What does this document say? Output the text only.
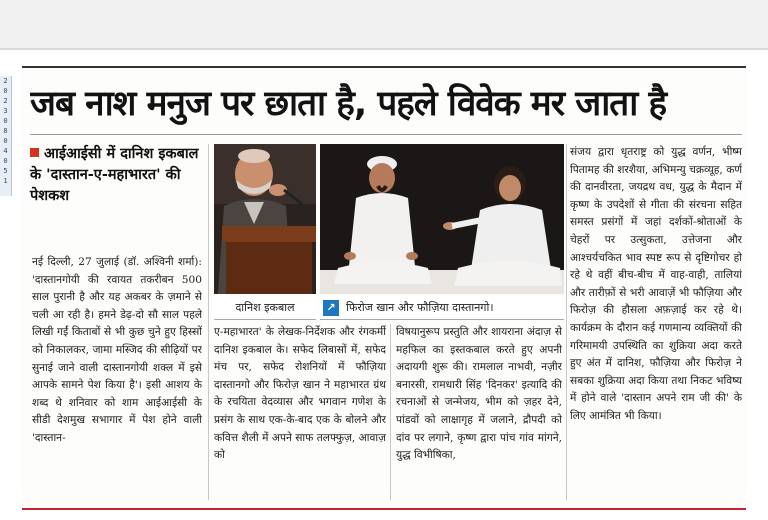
2
0
2
3
0
8
0
4
0
5
1
जब नाश मनुज पर छाता है, पहले विवेक मर जाता है
आईआईसी में दानिश इकबाल के 'दास्तान-ए-महाभारत' की पेशकश

नई दिल्ली, 27 जुलाई (डॉ. अश्विनी शर्मा): 'दास्तानगोयी की रवायत तकरीबन 500 साल पुरानी है और यह अकबर के ज़माने से चली आ रही है। हमने डेढ़-दो सौ साल पहले लिखी गईं किताबों से भी कुछ चुने हुए हिस्सों को निकालकर, जामा मस्जिद की सीढ़ियों पर सुनाई जाने वाली दास्तानगोयी शक्ल में इसे आपके सामने पेश किया है'। इसी आशय के शब्द थे शनिवार को शाम आईआईसी के सीडी देशमुख सभागार में पेश होने वाली 'दास्तान-

दानिश इकबाल	↗ फिरोज खान और फौज़िया दास्तानगो।

ए-महाभारत' के लेखक-निर्देशक और रंगकर्मी दानिश इकबाल के। सफेद लिबासों में, सफेद मंच पर, सफेद रोशनियों में फौज़िया दास्तानगो और फिरोज़ खान ने महाभारत ग्रंथ के रचयिता वेदव्यास और भगवान गणेश के प्रसंग के साथ एक-के-बाद एक के बोलने और कवित्त शैली में अपने साफ तलफ्फुज़, आवाज़ को

विषयानुरूप प्रस्तुति और शायराना अंदाज़ से महफिल का इस्तकबाल करते हुए अपनी अदायगी शुरू की। रामलाल नाभवी, नज़ीर बनारसी, रामधारी सिंह 'दिनकर' इत्यादि की रचनाओं से जन्मेजय, भीम को ज़हर देने, पांडवों को लाक्षागृह में जलाने, द्रौपदी को दांव पर लगाने, कृष्ण द्वारा पांच गांव मांगने, युद्ध विभीषिका,

संजय द्वारा धृतराष्ट्र को युद्ध वर्णन, भीष्म पितामह की शरशैया, अभिमन्यु चक्रव्यूह, कर्ण की दानवीरता, जयद्रथ वध, युद्ध के मैदान में कृष्ण के उपदेशों से गीता की संरचना सहित समस्त प्रसंगों में जहां दर्शकों-श्रोताओं के चेहरों पर उत्सुकता, उत्तेजना और आश्चर्यचकित भाव स्पष्ट रूप से दृष्टिगोचर हो रहे थे वहीं बीच-बीच में वाह-वाही, तालियां और तारीफ़ों से भरी आवाज़ें भी फौज़िया और फिरोज़ की हौसला अफ़ज़ाई कर रहे थे। कार्यक्रम के दौरान कई गणमान्य व्यक्तियों की गरिमामयी उपस्थिति का शुक्रिया अदा करते हुए अंत में दानिश, फौज़िया और फिरोज़ ने सबका शुक्रिया अदा किया तथा निकट भविष्य में होने वाले 'दास्तान अपने राम जी की' के लिए आमंत्रित भी किया।
